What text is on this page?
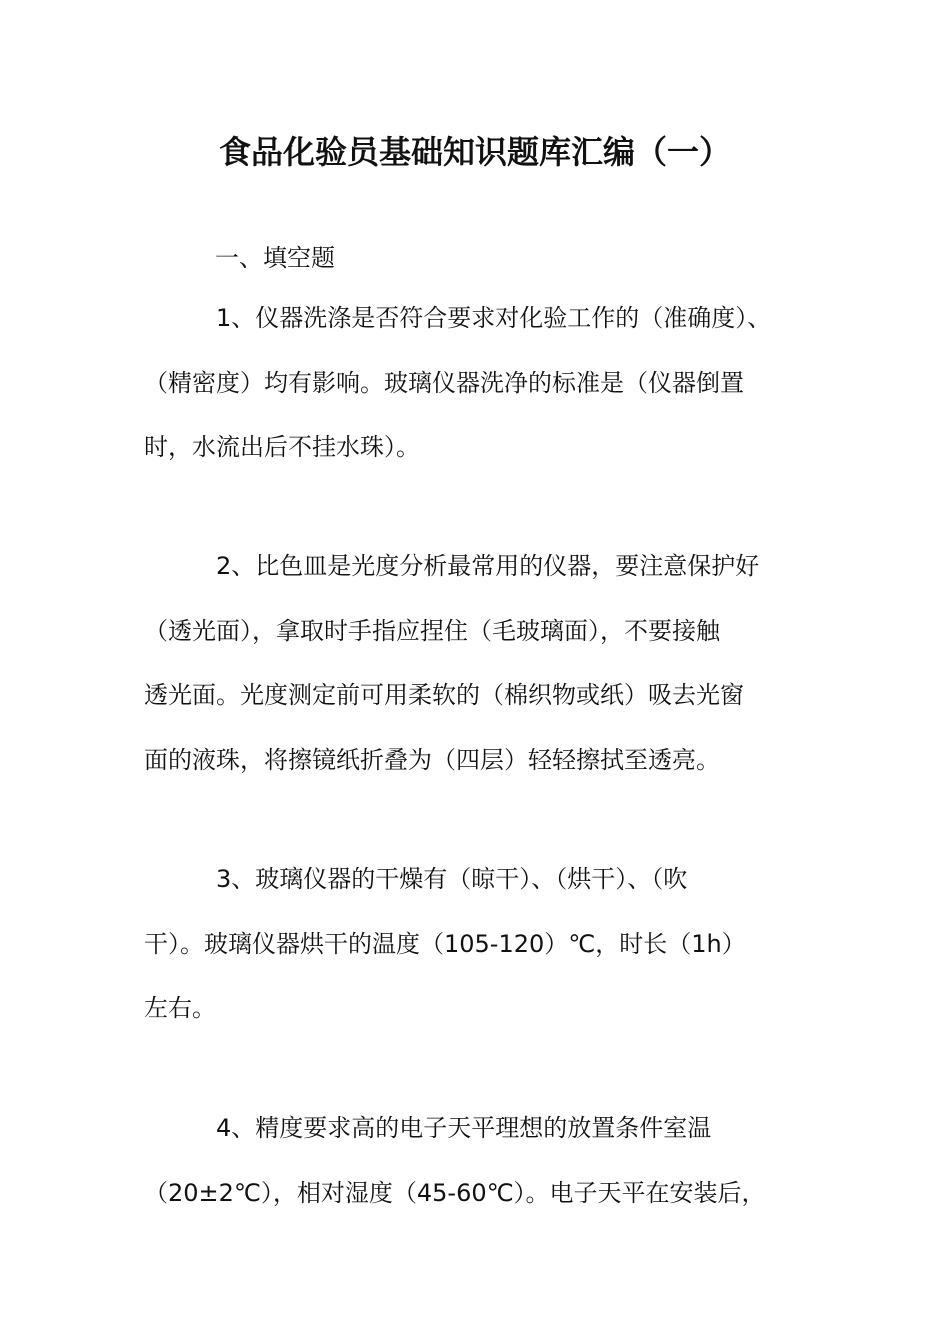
食品化验员基础知识题库汇编（一）

一、填空题

1、仪器洗涤是否符合要求对化验工作的（准确度）、
（精密度）均有影响。玻璃仪器洗净的标准是（仪器倒置
时，水流出后不挂水珠）。
2、比色皿是光度分析最常用的仪器，要注意保护好
（透光面），拿取时手指应捏住（毛玻璃面），不要接触
透光面。光度测定前可用柔软的（棉织物或纸）吸去光窗
面的液珠，将擦镜纸折叠为（四层）轻轻擦拭至透亮。
3、玻璃仪器的干燥有（晾干）、（烘干）、（吹
干）。玻璃仪器烘干的温度（105-120）℃，时长（1h）
左右。
4、精度要求高的电子天平理想的放置条件室温
（20±2℃），相对湿度（45-60℃）。电子天平在安装后，
